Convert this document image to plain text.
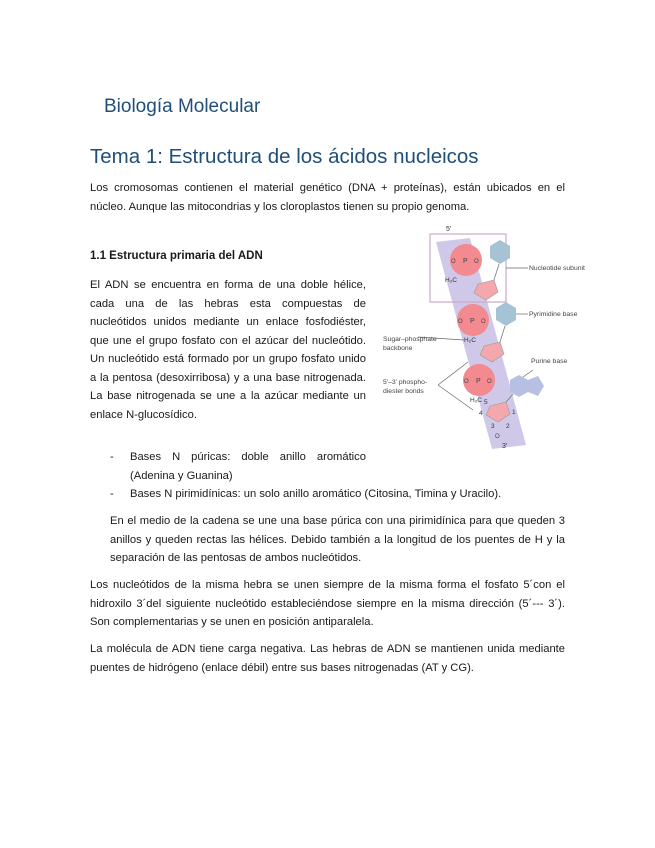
Biología Molecular
Tema 1: Estructura de los ácidos nucleicos
Los cromosomas contienen el material genético (DNA + proteínas), están ubicados en el núcleo. Aunque las mitocondrias y los cloroplastos tienen su propio genoma.
1.1 Estructura primaria del ADN
El ADN se encuentra en forma de una doble hélice, cada una de las hebras esta compuestas de nucleótidos unidos mediante un enlace fosfodiéster, que une el grupo fosfato con el azúcar del nucleótido. Un nucleótido está formado por un grupo fosfato unido a la pentosa (desoxirribosa) y a una base nitrogenada. La base nitrogenada se une a la azúcar mediante un enlace N-glucosídico.
5'
P
O	O
H₂C
P
O	O
H₂C
P
O	O
H₂C 5
4	1
3 2
O
3'
Nucleotide subunit
Pyrimidine base
Sugar–phosphate
backbone
Purine base
5'–3' phospho-
diester bonds
- Bases N púricas: doble anillo aromático (Adenina y Guanina)
- Bases N pirimidínicas: un solo anillo aromático (Citosina, Timina y Uracilo).
En el medio de la cadena se une una base púrica con una pirimidínica para que queden 3 anillos y queden rectas las hélices. Debido también a la longitud de los puentes de H y la separación de las pentosas de ambos nucleótidos.
Los nucleótidos de la misma hebra se unen siempre de la misma forma el fosfato 5´con el hidroxilo 3´del siguiente nucleótido estableciéndose siempre en la misma dirección (5´--- 3´). Son complementarias y se unen en posición antiparalela.
La molécula de ADN tiene carga negativa. Las hebras de ADN se mantienen unida mediante puentes de hidrógeno (enlace débil) entre sus bases nitrogenadas (AT y CG).
